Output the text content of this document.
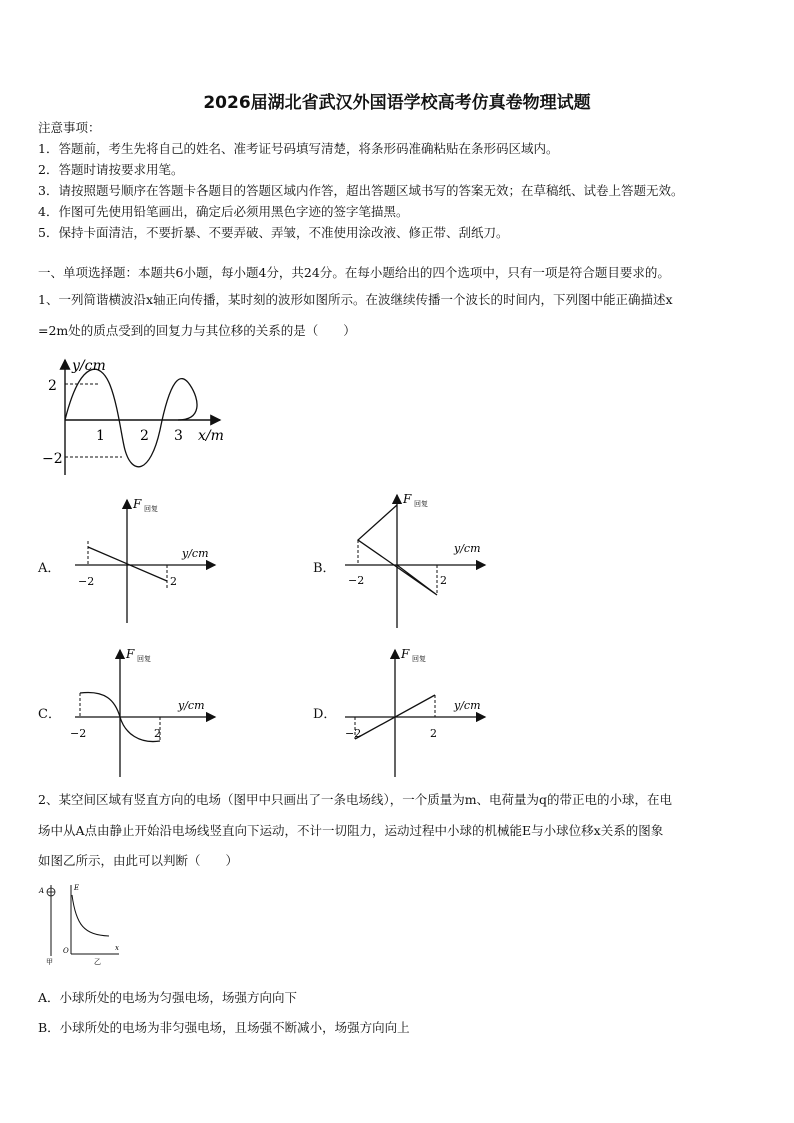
2026届湖北省武汉外国语学校高考仿真卷物理试题
注意事项：
1．答题前，考生先将自己的姓名、准考证号码填写清楚，将条形码准确粘贴在条形码区域内。
2．答题时请按要求用笔。
3．请按照题号顺序在答题卡各题目的答题区域内作答，超出答题区域书写的答案无效；在草稿纸、试卷上答题无效。
4．作图可先使用铅笔画出，确定后必须用黑色字迹的签字笔描黑。
5．保持卡面清洁，不要折暴、不要弄破、弄皱，不准使用涂改液、修正带、刮纸刀。
一、单项选择题：本题共6小题，每小题4分，共24分。在每小题给出的四个选项中，只有一项是符合题目要求的。
1、一列简谐横波沿x轴正向传播，某时刻的波形如图所示。在波继续传播一个波长的时间内，下列图中能正确描述x
=2m处的质点受到的回复力与其位移的关系的是（　　）
y/cm
2
−2
1	2 3 x/m
A．
F 回复
y/cm
−2	2
B．
F 回复
y/cm
−2	2
C．
F 回复
y/cm
−2	2
D．
F 回复
y/cm
−2	2
2、某空间区域有竖直方向的电场（图甲中只画出了一条电场线），一个质量为m、电荷量为q的带正电的小球，在电
场中从A点由静止开始沿电场线竖直向下运动，不计一切阻力，运动过程中小球的机械能E与小球位移x关系的图象
如图乙所示，由此可以判断（　　）
A
甲
E
O	x
乙
A．小球所处的电场为匀强电场，场强方向向下
B．小球所处的电场为非匀强电场，且场强不断减小，场强方向向上
